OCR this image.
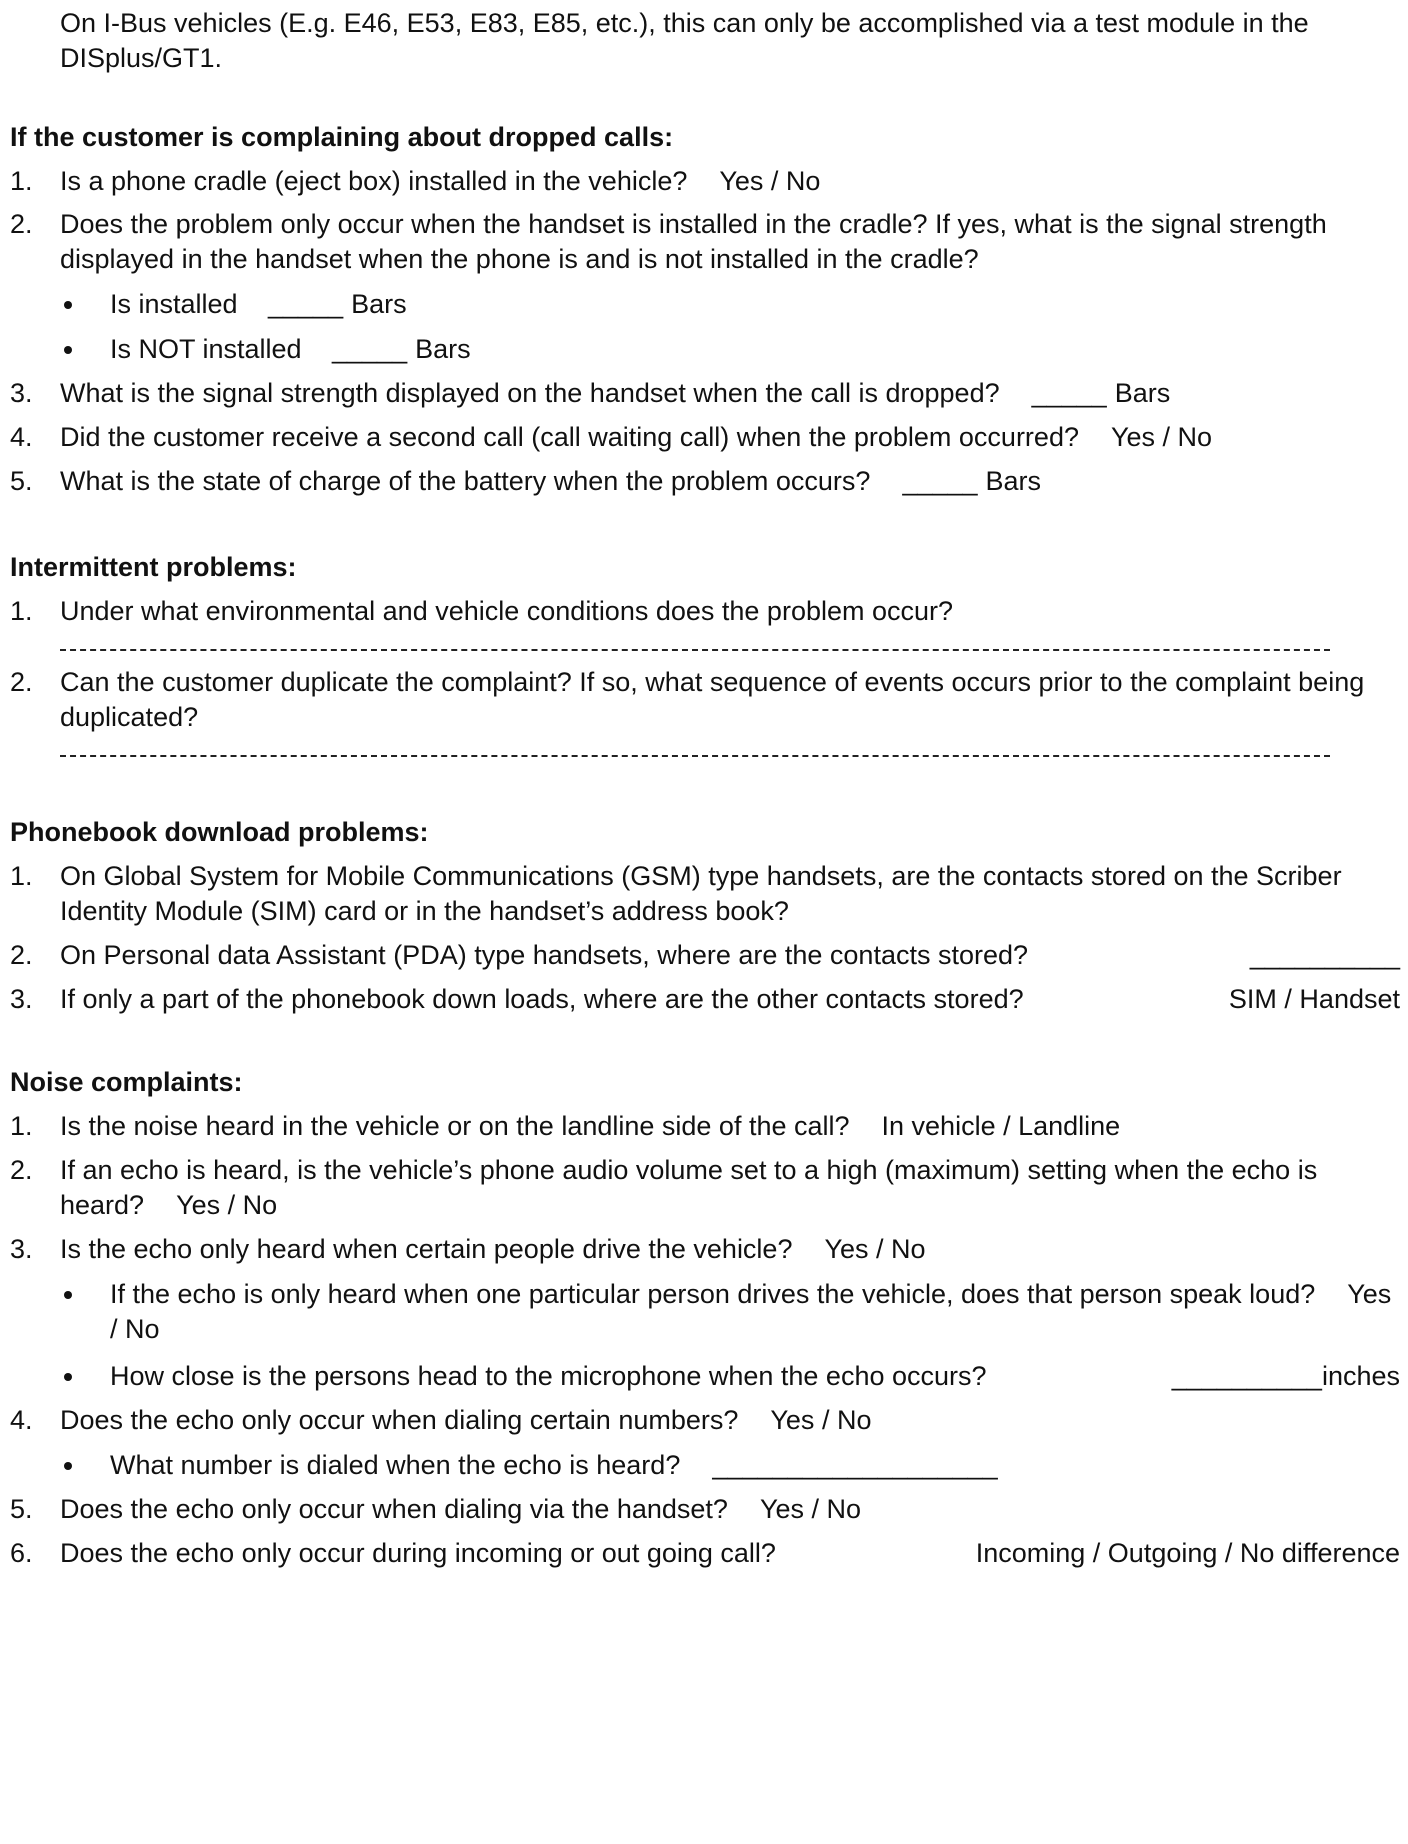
On I-Bus vehicles (E.g. E46, E53, E83, E85, etc.), this can only be accomplished via a test module in the DISplus/GT1.
If the customer is complaining about dropped calls:
1. Is a phone cradle (eject box) installed in the vehicle? Yes / No
2. Does the problem only occur when the handset is installed in the cradle? If yes, what is the signal strength displayed in the handset when the phone is and is not installed in the cradle?
Is installed _____ Bars
Is NOT installed _____ Bars
3. What is the signal strength displayed on the handset when the call is dropped? _____ Bars
4. Did the customer receive a second call (call waiting call) when the problem occurred? Yes / No
5. What is the state of charge of the battery when the problem occurs? _____ Bars
Intermittent problems:
1. Under what environmental and vehicle conditions does the problem occur?
2. Can the customer duplicate the complaint? If so, what sequence of events occurs prior to the complaint being duplicated?
Phonebook download problems:
1. On Global System for Mobile Communications (GSM) type handsets, are the contacts stored on the Scriber Identity Module (SIM) card or in the handset’s address book?
2. On Personal data Assistant (PDA) type handsets, where are the contacts stored?	__________
3. If only a part of the phonebook down loads, where are the other contacts stored?	SIM / Handset
Noise complaints:
1. Is the noise heard in the vehicle or on the landline side of the call? In vehicle / Landline
2. If an echo is heard, is the vehicle’s phone audio volume set to a high (maximum) setting when the echo is heard? Yes / No
3. Is the echo only heard when certain people drive the vehicle? Yes / No
If the echo is only heard when one particular person drives the vehicle, does that person speak loud? Yes / No
How close is the persons head to the microphone when the echo occurs?	__________inches
4. Does the echo only occur when dialing certain numbers? Yes / No
What number is dialed when the echo is heard? ___________________
5. Does the echo only occur when dialing via the handset? Yes / No
6. Does the echo only occur during incoming or out going call?	Incoming / Outgoing / No difference
